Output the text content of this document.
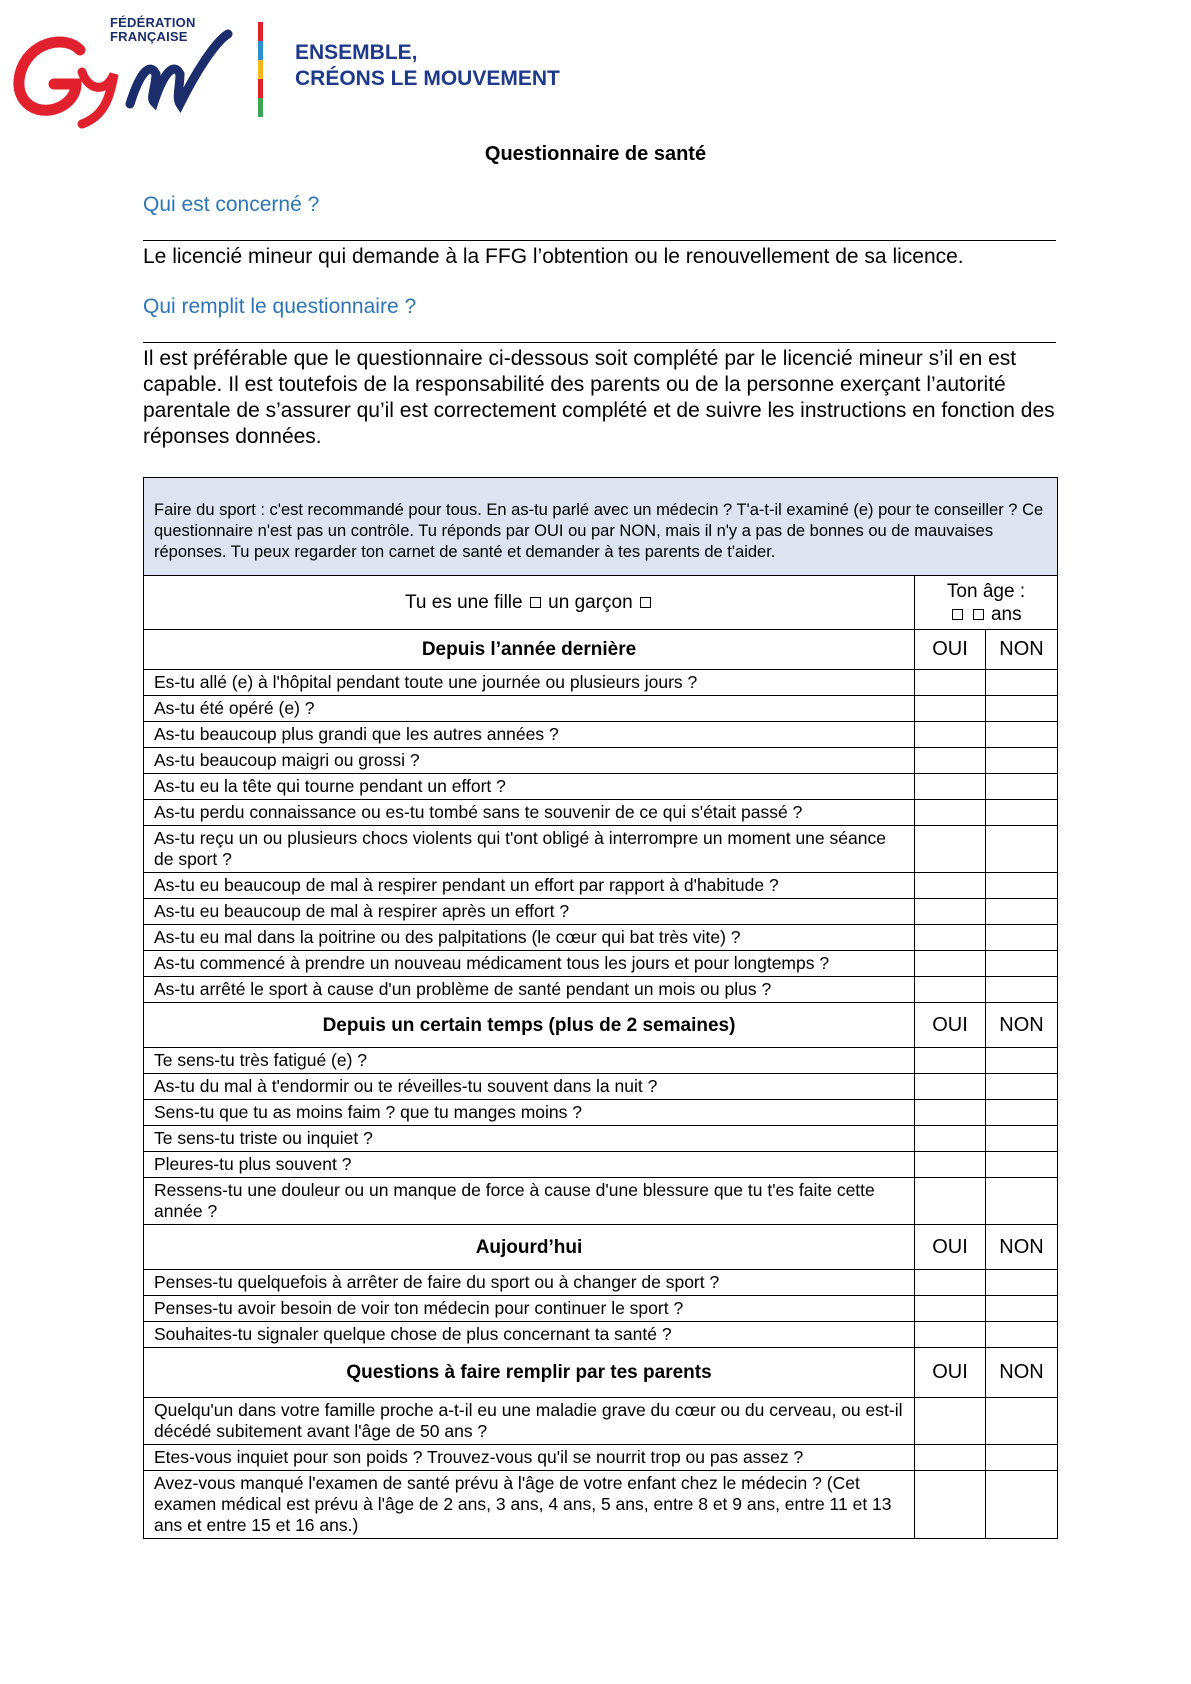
FÉDÉRATION
FRANÇAISE
ENSEMBLE,
CRÉONS LE MOUVEMENT
Questionnaire de santé
Qui est concerné ?
Le licencié mineur qui demande à la FFG l’obtention ou le renouvellement de sa licence.
Qui remplit le questionnaire ?
Il est préférable que le questionnaire ci-dessous soit complété par le licencié mineur s’il en est capable. Il est toutefois de la responsabilité des parents ou de la personne exerçant l’autorité parentale de s’assurer qu’il est correctement complété et de suivre les instructions en fonction des réponses données.
Faire du sport : c'est recommandé pour tous. En as-tu parlé avec un médecin ? T'a-t-il examiné (e) pour te conseiller ? Ce questionnaire n'est pas un contrôle. Tu réponds par OUI ou par NON, mais il n'y a pas de bonnes ou de mauvaises réponses. Tu peux regarder ton carnet de santé et demander à tes parents de t'aider.		
Tu es une fille un garçon	Ton âge :
ans	

Depuis l’année dernière	OUI	NON
Es-tu allé (e) à l'hôpital pendant toute une journée ou plusieurs jours ?		
As-tu été opéré (e) ?		
As-tu beaucoup plus grandi que les autres années ?		
As-tu beaucoup maigri ou grossi ?		
As-tu eu la tête qui tourne pendant un effort ?		
As-tu perdu connaissance ou es-tu tombé sans te souvenir de ce qui s'était passé ?		
As-tu reçu un ou plusieurs chocs violents qui t'ont obligé à interrompre un moment une séance de sport ?		
As-tu eu beaucoup de mal à respirer pendant un effort par rapport à d'habitude ?		
As-tu eu beaucoup de mal à respirer après un effort ?		
As-tu eu mal dans la poitrine ou des palpitations (le cœur qui bat très vite) ?		
As-tu commencé à prendre un nouveau médicament tous les jours et pour longtemps ?		
As-tu arrêté le sport à cause d'un problème de santé pendant un mois ou plus ?		
Depuis un certain temps (plus de 2 semaines)	OUI	NON
Te sens-tu très fatigué (e) ?		
As-tu du mal à t'endormir ou te réveilles-tu souvent dans la nuit ?		
Sens-tu que tu as moins faim ? que tu manges moins ?		
Te sens-tu triste ou inquiet ?		
Pleures-tu plus souvent ?		
Ressens-tu une douleur ou un manque de force à cause d'une blessure que tu t'es faite cette année ?		
Aujourd’hui	OUI	NON
Penses-tu quelquefois à arrêter de faire du sport ou à changer de sport ?		
Penses-tu avoir besoin de voir ton médecin pour continuer le sport ?		
Souhaites-tu signaler quelque chose de plus concernant ta santé ?		
Questions à faire remplir par tes parents	OUI	NON
Quelqu'un dans votre famille proche a-t-il eu une maladie grave du cœur ou du cerveau, ou est-il décédé subitement avant l'âge de 50 ans ?		
Etes-vous inquiet pour son poids ? Trouvez-vous qu'il se nourrit trop ou pas assez ?		
Avez-vous manqué l'examen de santé prévu à l'âge de votre enfant chez le médecin ? (Cet examen médical est prévu à l'âge de 2 ans, 3 ans, 4 ans, 5 ans, entre 8 et 9 ans, entre 11 et 13 ans et entre 15 et 16 ans.)		
